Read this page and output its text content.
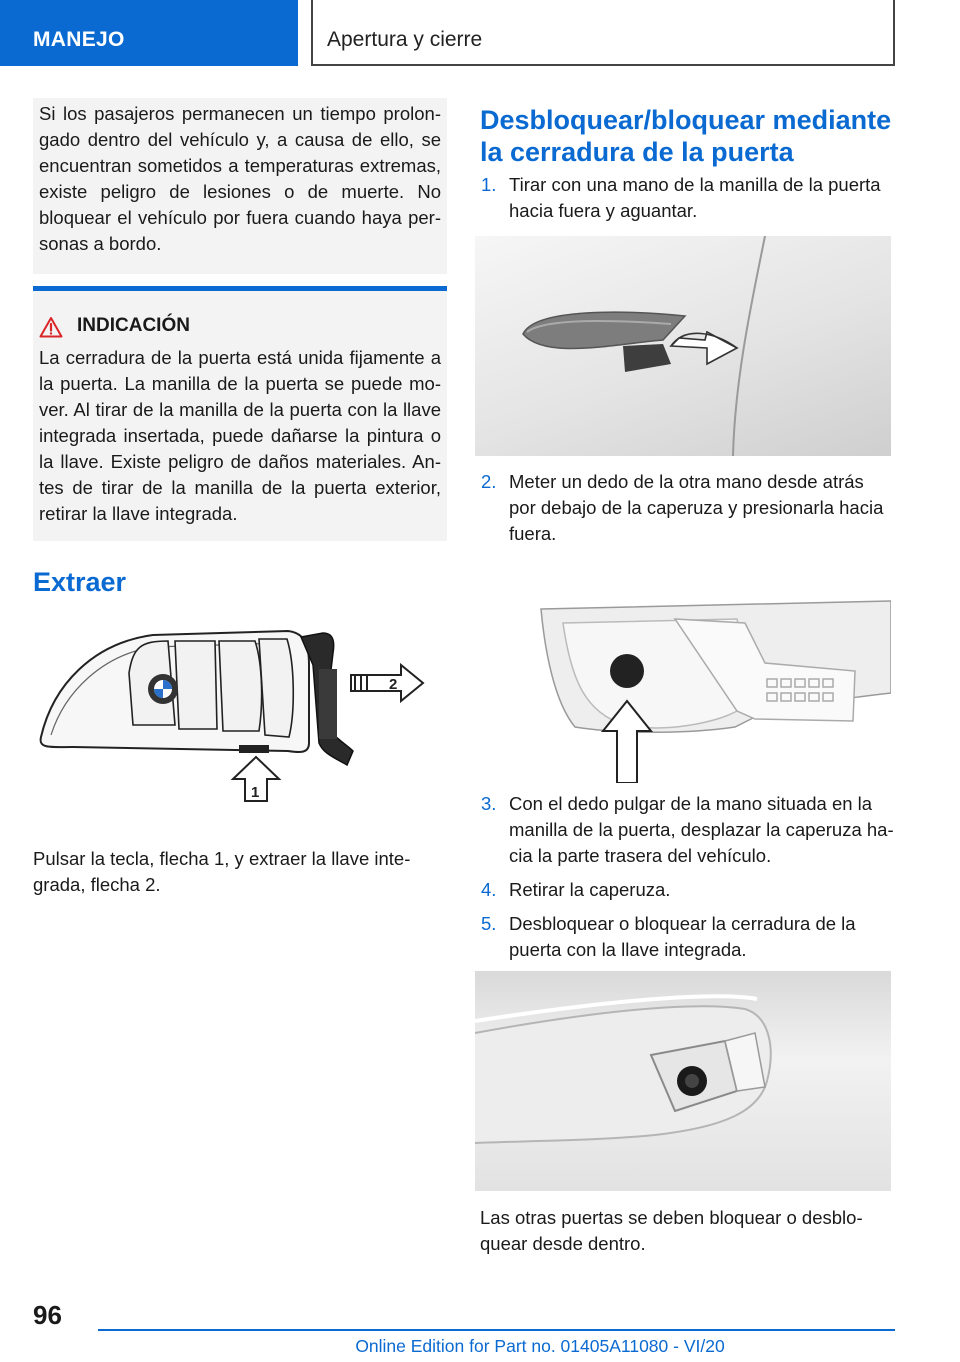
MANEJO	Apertura y cierre

Si los pasajeros permanecen un tiempo prolongado dentro del vehículo y, a causa de ello, se encuentran sometidos a temperaturas extremas, existe peligro de lesiones o de muerte. No bloquear el vehículo por fuera cuando haya personas a bordo.

INDICACIÓN

La cerradura de la puerta está unida fijamente a la puerta. La manilla de la puerta se puede mover. Al tirar de la manilla de la puerta con la llave integrada insertada, puede dañarse la pintura o la llave. Existe peligro de daños materiales. Antes de tirar de la manilla de la puerta exterior, retirar la llave integrada.

Extraer
2
1

Pulsar la tecla, flecha 1, y extraer la llave integrada, flecha 2.

Desbloquear/bloquear mediante la cerradura de la puerta
1. Tirar con una mano de la manilla de la puerta hacia fuera y aguantar.
2. Meter un dedo de la otra mano desde atrás por debajo de la caperuza y presionarla hacia fuera.
3. Con el dedo pulgar de la mano situada en la manilla de la puerta, desplazar la caperuza hacia la parte trasera del vehículo.
4. Retirar la caperuza.
5. Desbloquear o bloquear la cerradura de la puerta con la llave integrada.

Las otras puertas se deben bloquear o desbloquear desde dentro.

96
Online Edition for Part no. 01405A11080 - VI/20
